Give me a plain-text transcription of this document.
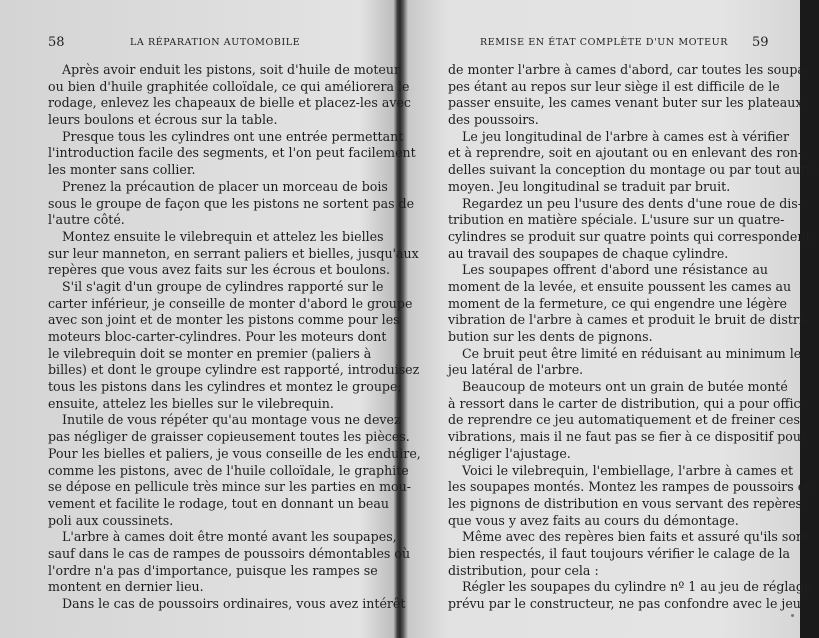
58	LA RÉPARATION AUTOMOBILE
Après avoir enduit les pistons, soit d'huile de moteur
ou bien d'huile graphitée colloïdale, ce qui améliorera le
rodage, enlevez les chapeaux de bielle et placez-les avec
leurs boulons et écrous sur la table.
Presque tous les cylindres ont une entrée permettant
l'introduction facile des segments, et l'on peut facilement
les monter sans collier.
Prenez la précaution de placer un morceau de bois
sous le groupe de façon que les pistons ne sortent pas de
l'autre côté.
Montez ensuite le vilebrequin et attelez les bielles
sur leur manneton, en serrant paliers et bielles, jusqu'aux
repères que vous avez faits sur les écrous et boulons.
S'il s'agit d'un groupe de cylindres rapporté sur le
carter inférieur, je conseille de monter d'abord le groupe
avec son joint et de monter les pistons comme pour les
moteurs bloc-carter-cylindres. Pour les moteurs dont
le vilebrequin doit se monter en premier (paliers à
billes) et dont le groupe cylindre est rapporté, introduisez
tous les pistons dans les cylindres et montez le groupe;
ensuite, attelez les bielles sur le vilebrequin.
Inutile de vous répéter qu'au montage vous ne devez
pas négliger de graisser copieusement toutes les pièces.
Pour les bielles et paliers, je vous conseille de les enduire,
comme les pistons, avec de l'huile colloïdale, le graphite
se dépose en pellicule très mince sur les parties en mou-
vement et facilite le rodage, tout en donnant un beau
poli aux coussinets.
L'arbre à cames doit être monté avant les soupapes,
sauf dans le cas de rampes de poussoirs démontables où
l'ordre n'a pas d'importance, puisque les rampes se
montent en dernier lieu.
Dans le cas de poussoirs ordinaires, vous avez intérêt
REMISE EN ÉTAT COMPLÈTE D'UN MOTEUR 59
de monter l'arbre à cames d'abord, car toutes les soupa-
pes étant au repos sur leur siège il est difficile de le
passer ensuite, les cames venant buter sur les plateaux
des poussoirs.
Le jeu longitudinal de l'arbre à cames est à vérifier
et à reprendre, soit en ajoutant ou en enlevant des ron-
delles suivant la conception du montage ou par tout autre
moyen. Jeu longitudinal se traduit par bruit.
Regardez un peu l'usure des dents d'une roue de dis-
tribution en matière spéciale. L'usure sur un quatre-
cylindres se produit sur quatre points qui correspondent
au travail des soupapes de chaque cylindre.
Les soupapes offrent d'abord une résistance au
moment de la levée, et ensuite poussent les cames au
moment de la fermeture, ce qui engendre une légère
vibration de l'arbre à cames et produit le bruit de distri-
bution sur les dents de pignons.
Ce bruit peut être limité en réduisant au minimum le
jeu latéral de l'arbre.
Beaucoup de moteurs ont un grain de butée monté
à ressort dans le carter de distribution, qui a pour office
de reprendre ce jeu automatiquement et de freiner ces
vibrations, mais il ne faut pas se fier à ce dispositif pour
négliger l'ajustage.
Voici le vilebrequin, l'embiellage, l'arbre à cames et
les soupapes montés. Montez les rampes de poussoirs et
les pignons de distribution en vous servant des repères
que vous y avez faits au cours du démontage.
Même avec des repères bien faits et assuré qu'ils sont
bien respectés, il faut toujours vérifier le calage de la
distribution, pour cela :
Régler les soupapes du cylindre nº 1 au jeu de réglage
prévu par le constructeur, ne pas confondre avec le jeu
